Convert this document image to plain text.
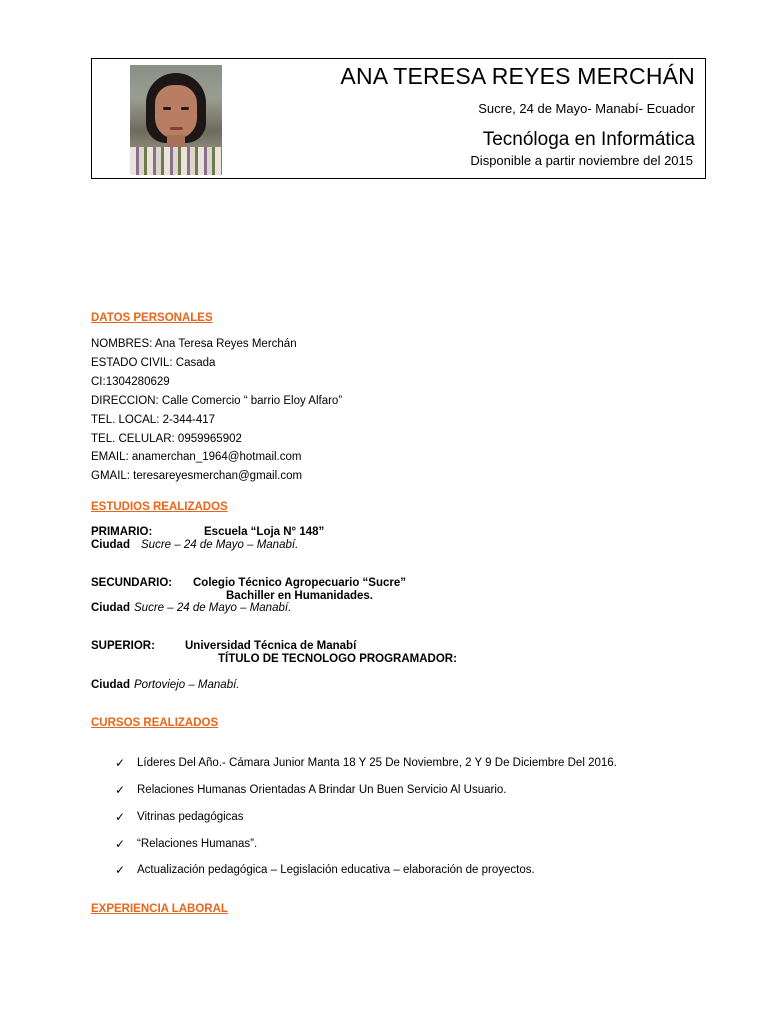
ANA TERESA REYES MERCHÁN
Sucre, 24 de Mayo- Manabí- Ecuador
Tecnóloga en Informática
Disponible a partir noviembre del 2015
DATOS PERSONALES
NOMBRES: Ana Teresa Reyes Merchán
ESTADO CIVIL: Casada
CI:1304280629
DIRECCION: Calle Comercio “ barrio Eloy Alfaro”
TEL. LOCAL: 2-344-417
TEL. CELULAR: 0959965902
EMAIL: anamerchan_1964@hotmail.com
GMAIL: teresareyesmerchan@gmail.com
ESTUDIOS REALIZADOS
PRIMARIO:	Escuela “Loja N° 148”
Ciudad Sucre – 24 de Mayo – Manabí.
SECUNDARIO: Colegio Técnico Agropecuario “Sucre”
Bachiller en Humanidades.
Ciudad Sucre – 24 de Mayo – Manabí.
SUPERIOR:	Universidad Técnica de Manabí
TÍTULO DE TECNOLOGO PROGRAMADOR:
Ciudad Portoviejo – Manabí.
CURSOS REALIZADOS
✓ Líderes Del Año.- Cámara Junior Manta 18 Y 25 De Noviembre, 2 Y 9 De Diciembre Del 2016.
✓ Relaciones Humanas Orientadas A Brindar Un Buen Servicio Al Usuario.
✓ Vitrinas pedagógicas
✓ “Relaciones Humanas”.
✓ Actualización pedagógica – Legislación educativa – elaboración de proyectos.
EXPERIENCIA LABORAL
